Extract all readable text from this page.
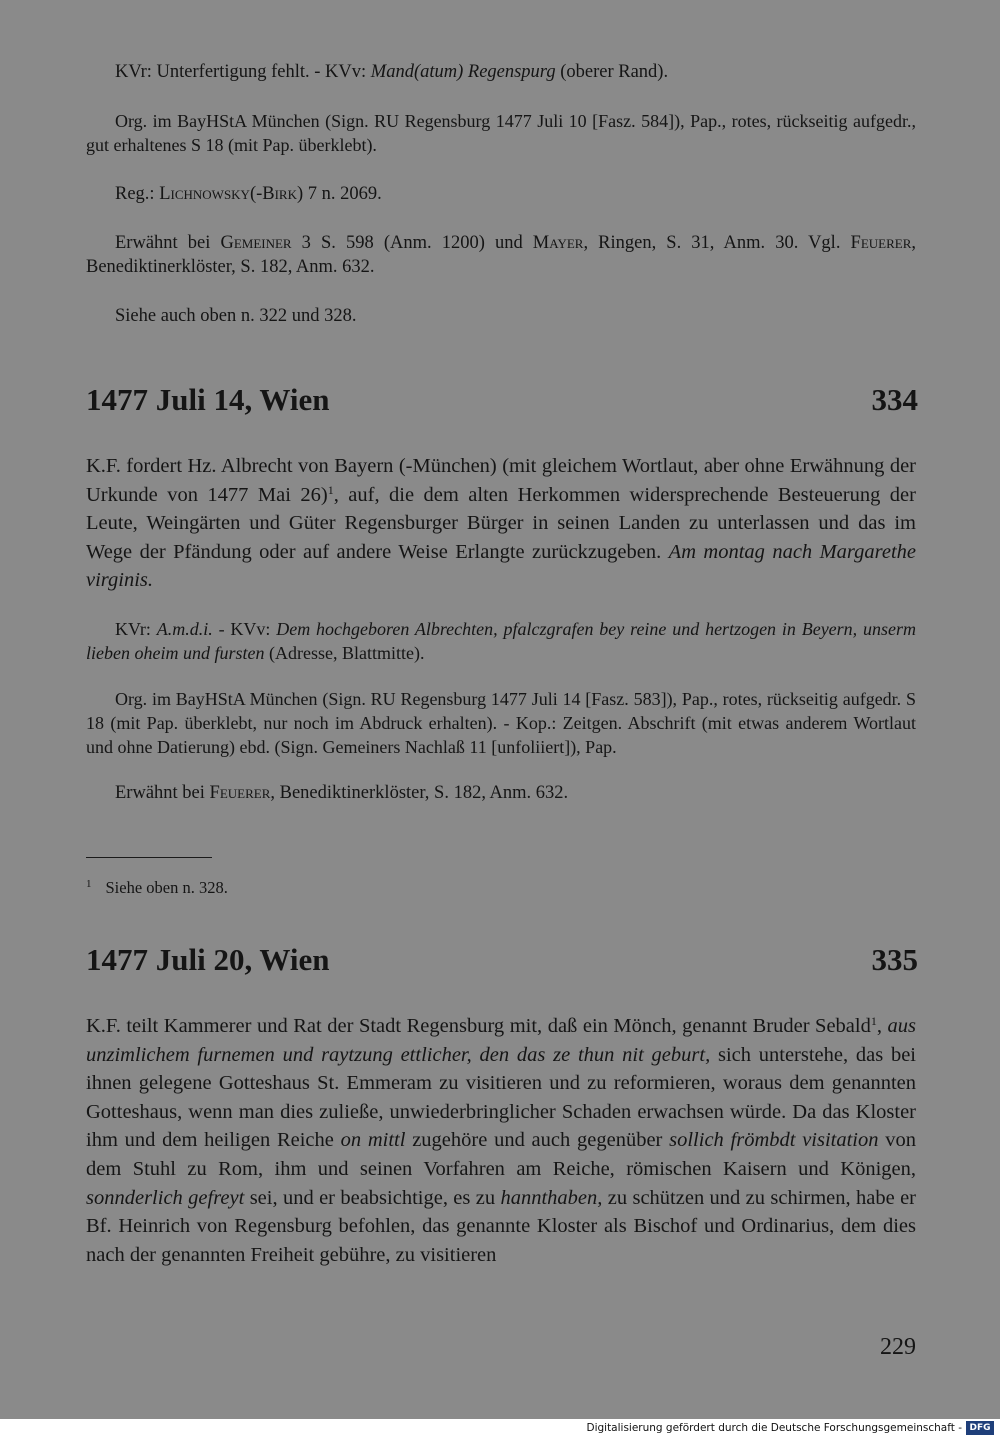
KVr: Unterfertigung fehlt. - KVv: Mand(atum) Regenspurg (oberer Rand).

Org. im BayHStA München (Sign. RU Regensburg 1477 Juli 10 [Fasz. 584]), Pap., rotes, rückseitig aufgedr., gut erhaltenes S 18 (mit Pap. überklebt).

Reg.: Lichnowsky(-Birk) 7 n. 2069.

Erwähnt bei Gemeiner 3 S. 598 (Anm. 1200) und Mayer, Ringen, S. 31, Anm. 30. Vgl. Feuerer, Benediktinerklöster, S. 182, Anm. 632.

Siehe auch oben n. 322 und 328.

1477 Juli 14, Wien	334

K.F. fordert Hz. Albrecht von Bayern (-München) (mit gleichem Wortlaut, aber ohne Erwähnung der Urkunde von 1477 Mai 26)$^1$, auf, die dem alten Herkommen widersprechende Besteuerung der Leute, Weingärten und Güter Regensburger Bürger in seinen Landen zu unterlassen und das im Wege der Pfändung oder auf andere Weise Erlangte zurückzugeben. Am montag nach Margarethe virginis.

KVr: A.m.d.i. - KVv: Dem hochgeboren Albrechten, pfalczgrafen bey reine und hertzogen in Beyern, unserm lieben oheim und fursten (Adresse, Blattmitte).

Org. im BayHStA München (Sign. RU Regensburg 1477 Juli 14 [Fasz. 583]), Pap., rotes, rückseitig aufgedr. S 18 (mit Pap. überklebt, nur noch im Abdruck erhalten). - Kop.: Zeitgen. Abschrift (mit etwas anderem Wortlaut und ohne Datierung) ebd. (Sign. Gemeiners Nachlaß 11 [unfoliiert]), Pap.

Erwähnt bei Feuerer, Benediktinerklöster, S. 182, Anm. 632.

$^1$ Siehe oben n. 328.
1477 Juli 20, Wien	335

K.F. teilt Kammerer und Rat der Stadt Regensburg mit, daß ein Mönch, genannt Bruder Sebald$^1$, aus unzimlichem furnemen und raytzung ettlicher, den das ze thun nit geburt, sich unterstehe, das bei ihnen gelegene Gotteshaus St. Emmeram zu visitieren und zu reformieren, woraus dem genannten Gotteshaus, wenn man dies zuließe, unwiederbringlicher Schaden erwachsen würde. Da das Kloster ihm und dem heiligen Reiche on mittl zugehöre und auch gegenüber sollich frömbdt visitation von dem Stuhl zu Rom, ihm und seinen Vorfahren am Reiche, römischen Kaisern und Königen, sonnderlich gefreyt sei, und er beabsichtige, es zu hannthaben, zu schützen und zu schirmen, habe er Bf. Heinrich von Regensburg befohlen, das genannte Kloster als Bischof und Ordinarius, dem dies nach der genannten Freiheit gebühre, zu visitieren

229
Digitalisierung gefördert durch die Deutsche Forschungsgemeinschaft - DFG
